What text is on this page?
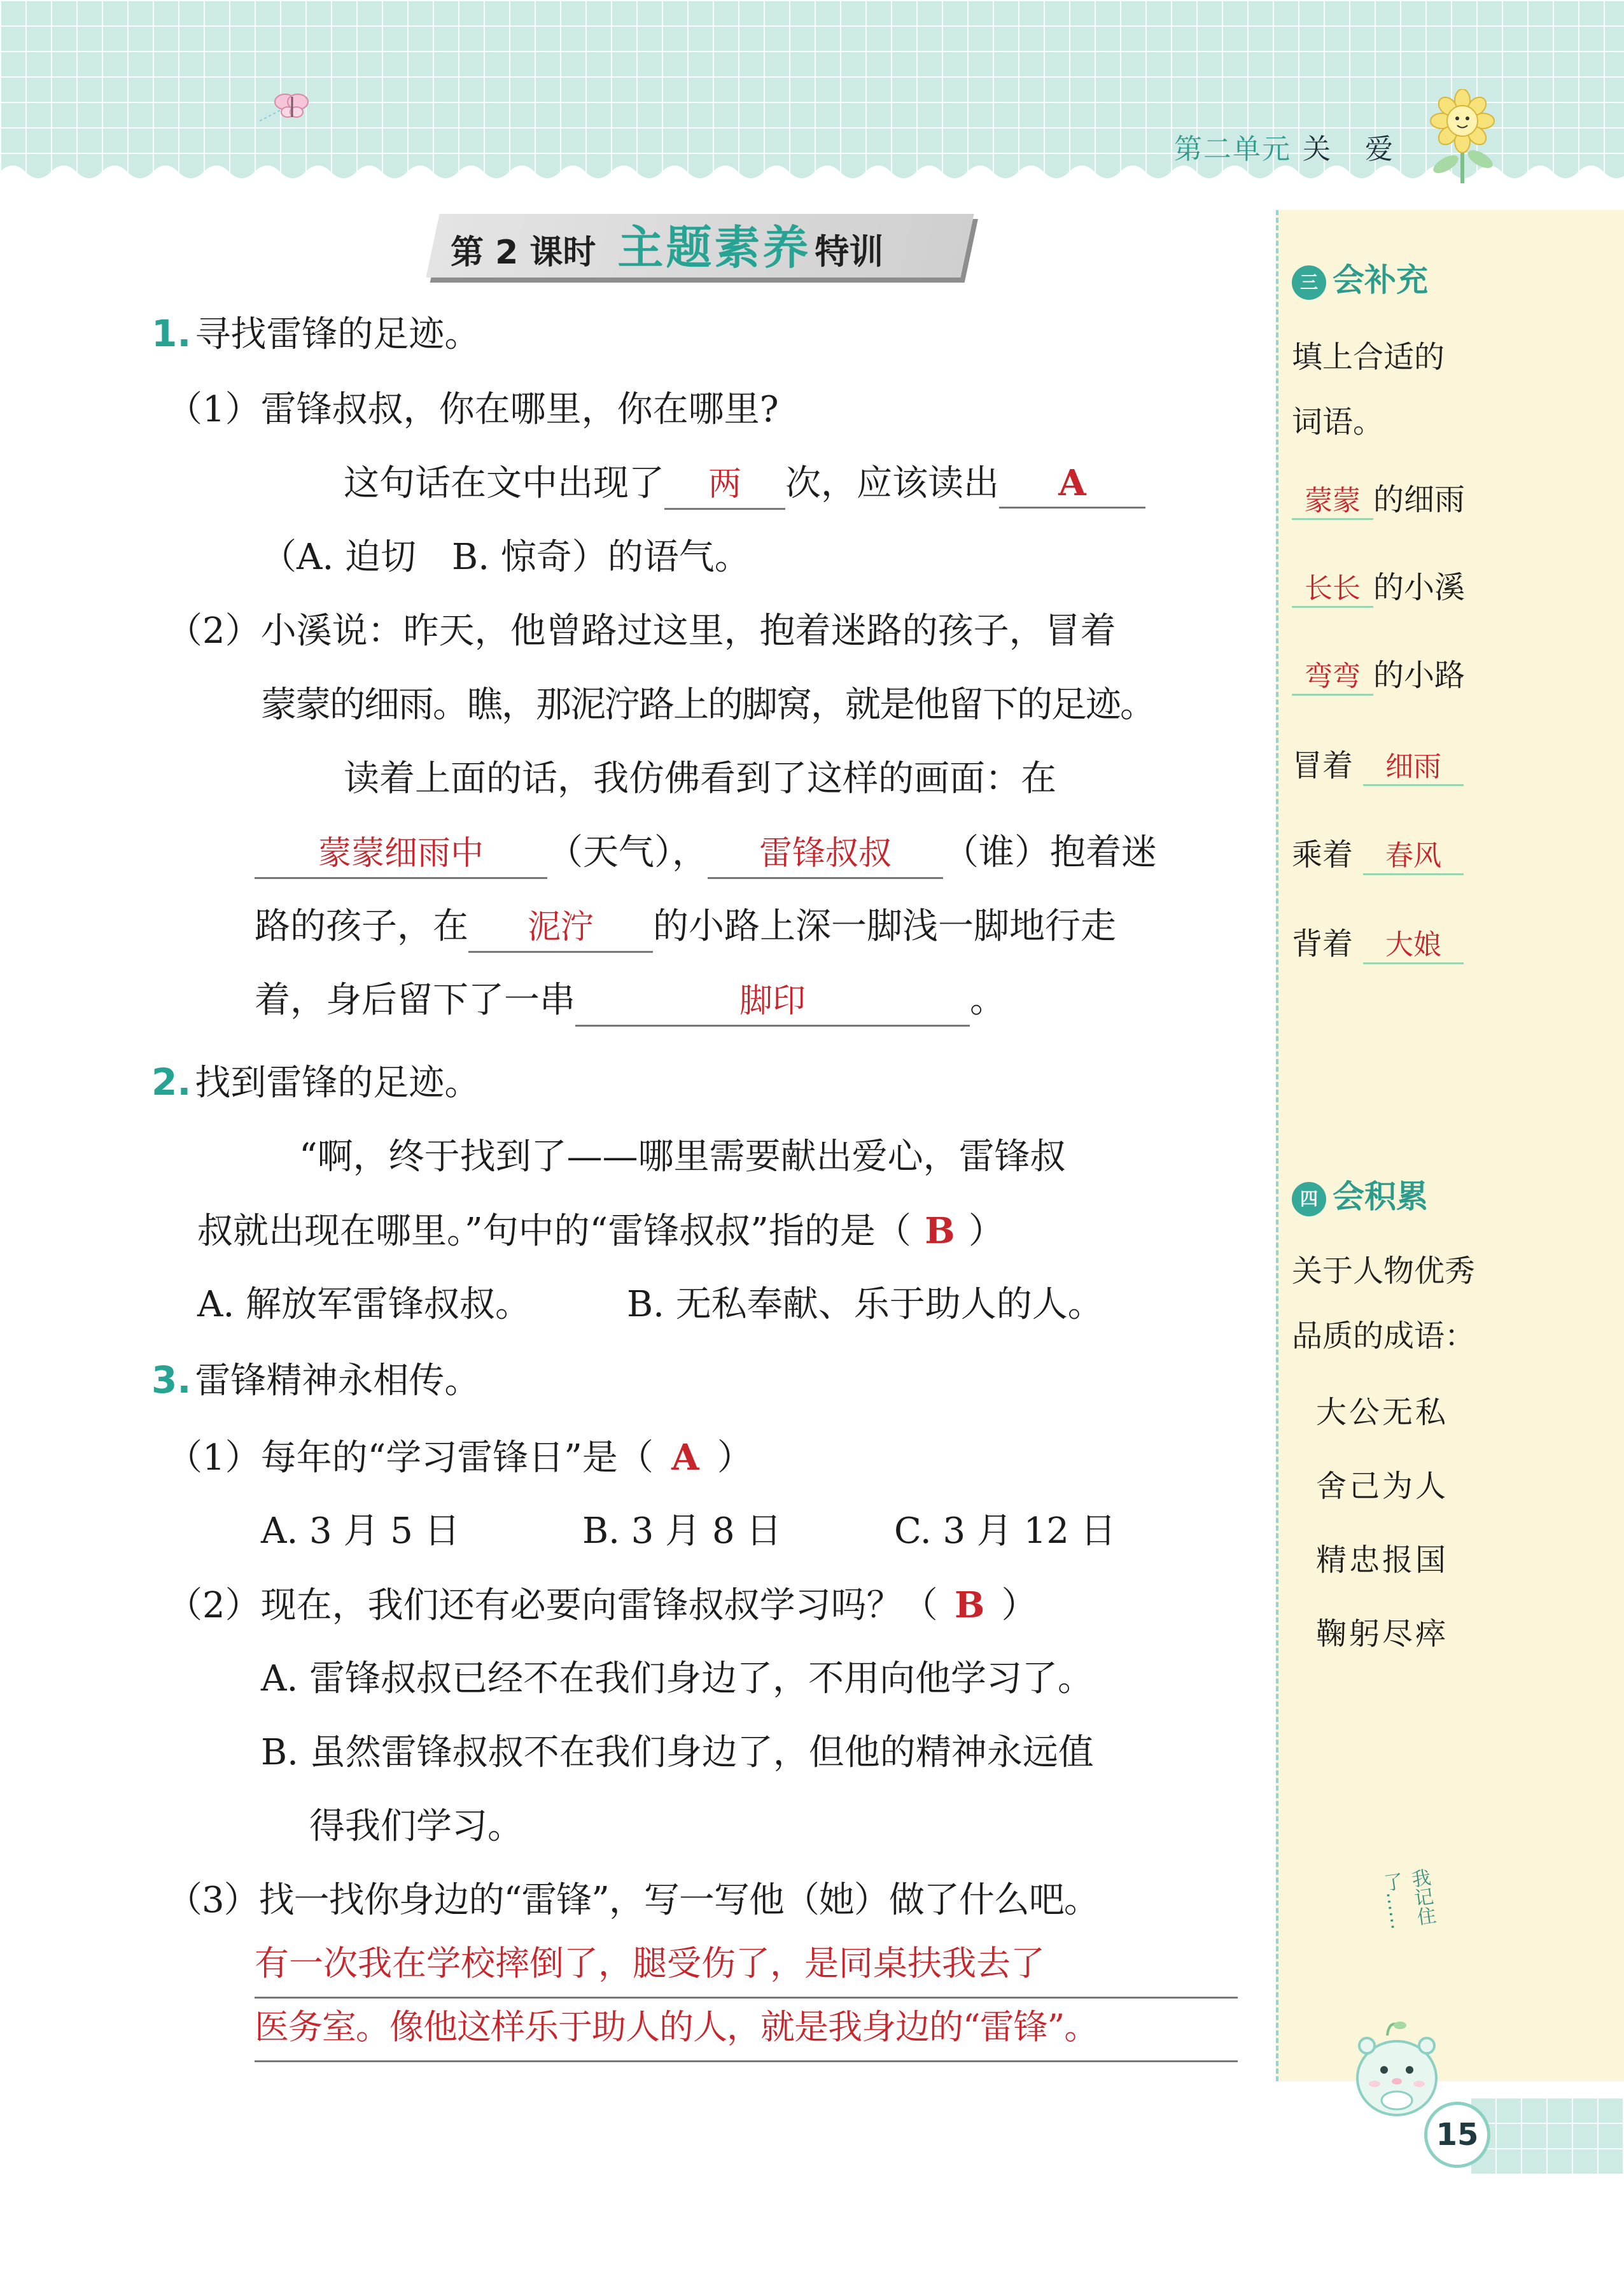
第二单元 关 爱
第 2 课时 主题素养 特训
1. 寻找雷锋的足迹。
（1）雷锋叔叔，你在哪里，你在哪里?
这句话在文中出现了 两 次，应该读出 A
（A. 迫切　B. 惊奇）的语气。
（2）小溪说：昨天，他曾路过这里，抱着迷路的孩子，冒着
蒙蒙的细雨。瞧，那泥泞路上的脚窝，就是他留下的足迹。
读着上面的话，我仿佛看到了这样的画面：在
蒙蒙细雨中 （天气）， 雷锋叔叔 （谁）抱着迷
路的孩子，在 泥泞 的小路上深一脚浅一脚地行走
着，身后留下了一串	脚印	。
2. 找到雷锋的足迹。
“啊，终于找到了——哪里需要献出爱心，雷锋叔
叔就出现在哪里。”句中的“雷锋叔叔”指的是（ B ）
A. 解放军雷锋叔叔。	B. 无私奉献、乐于助人的人。
3. 雷锋精神永相传。
（1）每年的“学习雷锋日”是（ A ）
A. 3 月 5 日	B. 3 月 8 日	C. 3 月 12 日
（2）现在，我们还有必要向雷锋叔叔学习吗？（ B ）
A. 雷锋叔叔已经不在我们身边了，不用向他学习了。
B. 虽然雷锋叔叔不在我们身边了，但他的精神永远值
得我们学习。
（3）找一找你身边的“雷锋”，写一写他（她）做了什么吧。
有一次我在学校摔倒了，腿受伤了，是同桌扶我去了
医务室。像他这样乐于助人的人，就是我身边的“雷锋”。
三 会补充
填上合适的
词语。
蒙蒙 的细雨
长长 的小溪
弯弯 的小路
冒着 细雨
乘着 春风
背着 大娘
四 会积累
关于人物优秀
品质的成语：
大公无私
舍己为人
精忠报国
鞠躬尽瘁
我记住了……
15
